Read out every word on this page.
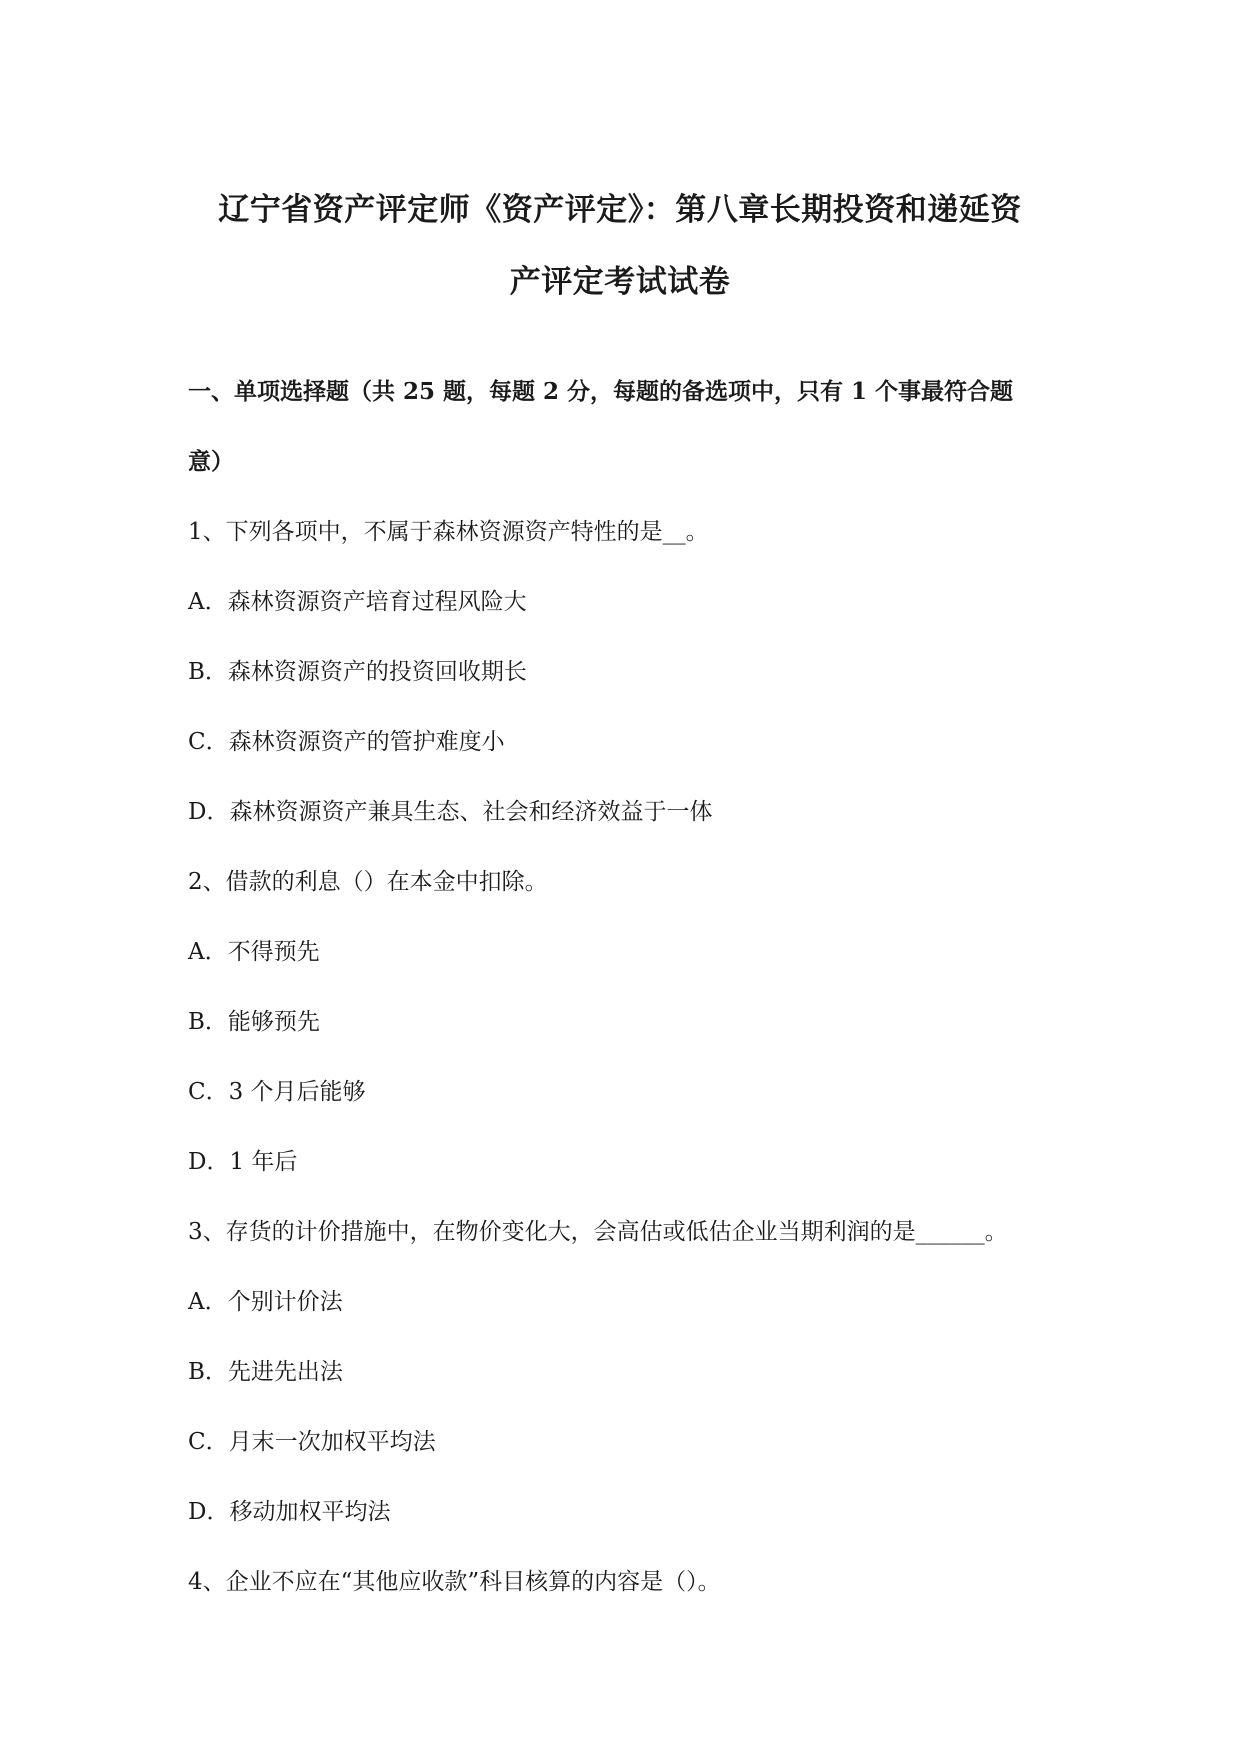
辽宁省资产评定师《资产评定》：第八章长期投资和递延资
产评定考试试卷
一、单项选择题（共 25 题，每题 2 分，每题的备选项中，只有 1 个事最符合题
意）
1、下列各项中，不属于森林资源资产特性的是__。
A．森林资源资产培育过程风险大
B．森林资源资产的投资回收期长
C．森林资源资产的管护难度小
D．森林资源资产兼具生态、社会和经济效益于一体
2、借款的利息（）在本金中扣除。
A．不得预先
B．能够预先
C．3 个月后能够
D．1 年后
3、存货的计价措施中，在物价变化大，会高估或低估企业当期利润的是______。
A．个别计价法
B．先进先出法
C．月末一次加权平均法
D．移动加权平均法
4、企业不应在“其他应收款”科目核算的内容是（）。
